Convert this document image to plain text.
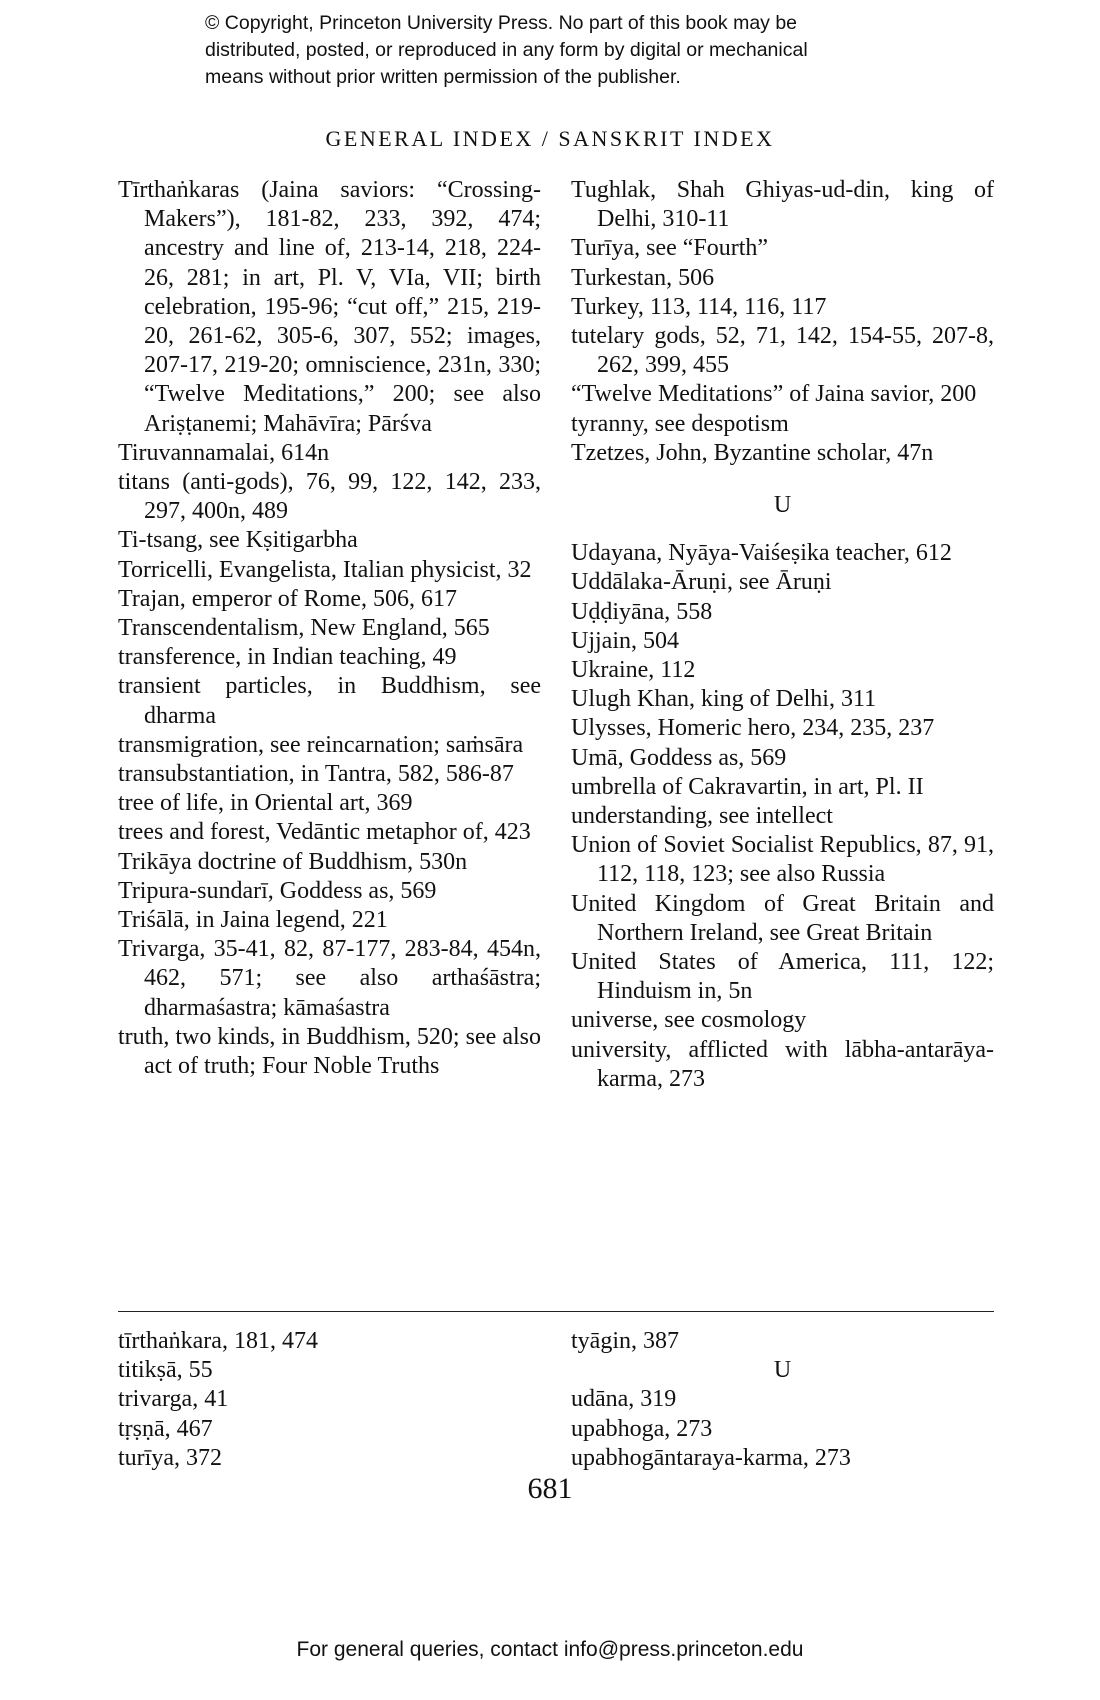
© Copyright, Princeton University Press. No part of this book may be
distributed, posted, or reproduced in any form by digital or mechanical
means without prior written permission of the publisher.
GENERAL INDEX / SANSKRIT INDEX
Tīrthaṅkaras (Jaina saviors: “Crossing-Makers”), 181-82, 233, 392, 474; ancestry and line of, 213-14, 218, 224-26, 281; in art, Pl. V, VIa, VII; birth celebration, 195-96; “cut off,” 215, 219-20, 261-62, 305-6, 307, 552; images, 207-17, 219-20; omniscience, 231n, 330; “Twelve Meditations,” 200; see also Ariṣṭanemi; Mahāvīra; Pārśva
Tiruvannamalai, 614n
titans (anti-gods), 76, 99, 122, 142, 233, 297, 400n, 489
Ti-tsang, see Kṣitigarbha
Torricelli, Evangelista, Italian physicist, 32
Trajan, emperor of Rome, 506, 617
Transcendentalism, New England, 565
transference, in Indian teaching, 49
transient particles, in Buddhism, see dharma
transmigration, see reincarnation; saṁsāra
transubstantiation, in Tantra, 582, 586-87
tree of life, in Oriental art, 369
trees and forest, Vedāntic metaphor of, 423
Trikāya doctrine of Buddhism, 530n
Tripura-sundarī, Goddess as, 569
Triśālā, in Jaina legend, 221
Trivarga, 35-41, 82, 87-177, 283-84, 454n, 462, 571; see also arthaśāstra; dharmaśastra; kāmaśastra
truth, two kinds, in Buddhism, 520; see also act of truth; Four Noble Truths
Tughlak, Shah Ghiyas-ud-din, king of Delhi, 310-11
Turīya, see “Fourth”
Turkestan, 506
Turkey, 113, 114, 116, 117
tutelary gods, 52, 71, 142, 154-55, 207-8, 262, 399, 455
“Twelve Meditations” of Jaina savior, 200
tyranny, see despotism
Tzetzes, John, Byzantine scholar, 47n
U
Udayana, Nyāya-Vaiśeṣika teacher, 612
Uddālaka-Āruṇi, see Āruṇi
Uḍḍiyāna, 558
Ujjain, 504
Ukraine, 112
Ulugh Khan, king of Delhi, 311
Ulysses, Homeric hero, 234, 235, 237
Umā, Goddess as, 569
umbrella of Cakravartin, in art, Pl. II
understanding, see intellect
Union of Soviet Socialist Republics, 87, 91, 112, 118, 123; see also Russia
United Kingdom of Great Britain and Northern Ireland, see Great Britain
United States of America, 111, 122; Hinduism in, 5n
universe, see cosmology
university, afflicted with lābha-antarāya-karma, 273
tīrthaṅkara, 181, 474
titikṣā, 55
trivarga, 41
tṛṣṇā, 467
turīya, 372
tyāgin, 387
U
udāna, 319
upabhoga, 273
upabhogāntaraya-karma, 273
681
For general queries, contact info@press.princeton.edu
